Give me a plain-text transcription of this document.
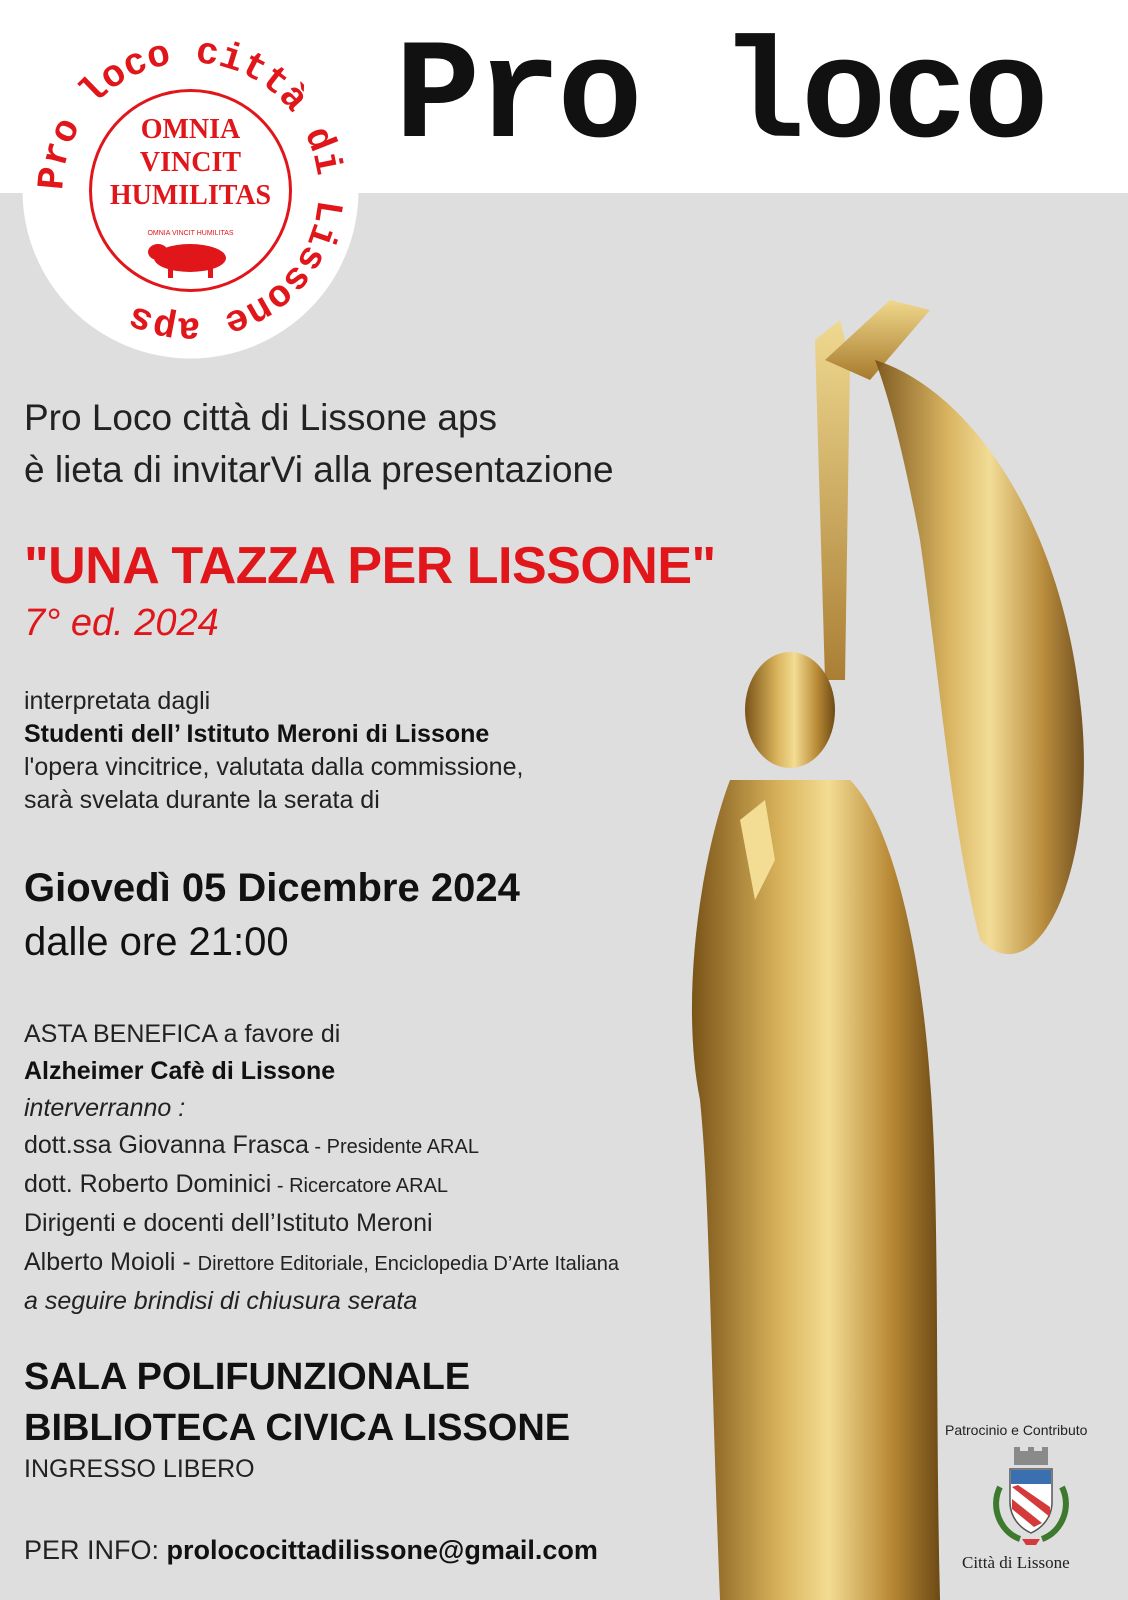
Pro loco
Pro loco città di Lissone aps
OMNIA
VINCIT
HUMILITAS
OMNIA VINCIT HUMILITAS
Pro Loco città di Lissone aps
è lieta di invitarVi alla presentazione
"UNA TAZZA PER LISSONE"
7° ed. 2024
interpretata dagli
Studenti dell’ Istituto Meroni di Lissone
l'opera vincitrice, valutata dalla commissione,
sarà svelata durante la serata di
Giovedì 05 Dicembre 2024
dalle ore 21:00
ASTA BENEFICA a favore di
Alzheimer Cafè di Lissone
interverranno :
dott.ssa Giovanna Frasca - Presidente ARAL
dott. Roberto Dominici - Ricercatore ARAL
Dirigenti e docenti dell’Istituto Meroni
Alberto Moioli - Direttore Editoriale, Enciclopedia D’Arte Italiana
a seguire brindisi di chiusura serata
SALA POLIFUNZIONALE
BIBLIOTECA CIVICA LISSONE
INGRESSO LIBERO
PER INFO: prolococittadilissone@gmail.com
Patrocinio e Contributo
Città di Lissone
